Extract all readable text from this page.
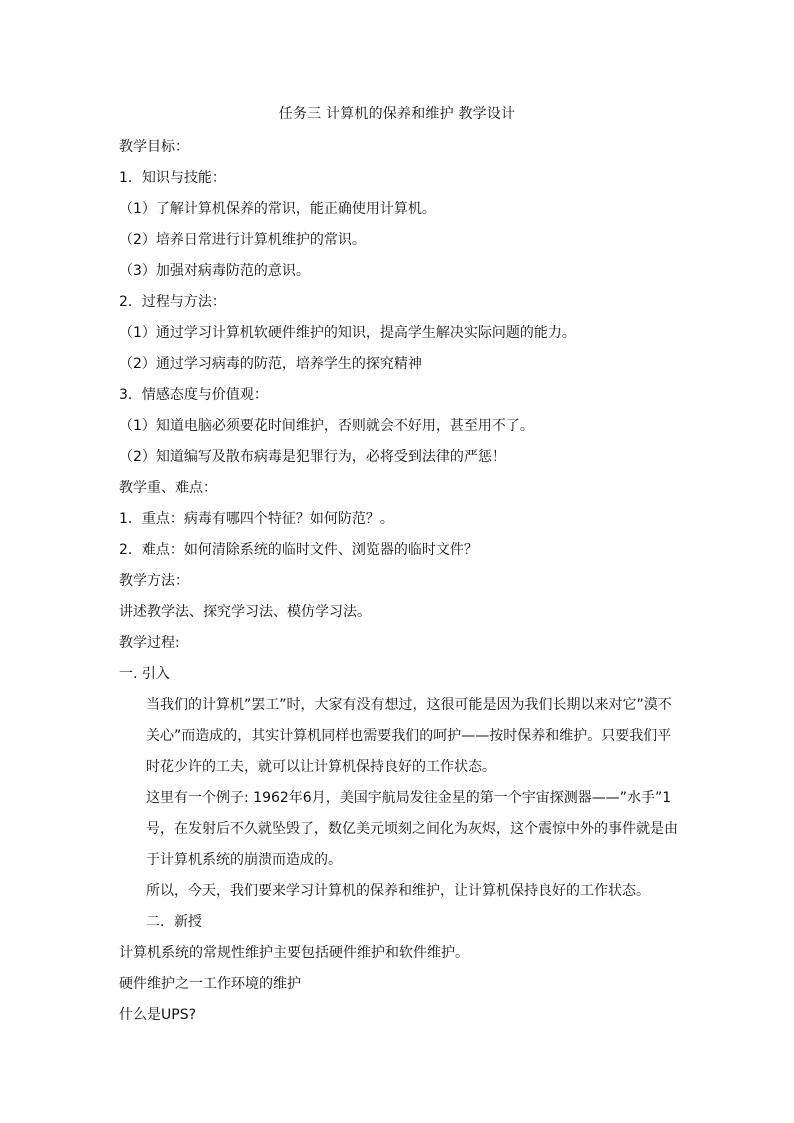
任务三 计算机的保养和维护 教学设计
教学目标：
1．知识与技能：
（1）了解计算机保养的常识，能正确使用计算机。
（2）培养日常进行计算机维护的常识。
（3）加强对病毒防范的意识。
2．过程与方法：
（1）通过学习计算机软硬件维护的知识，提高学生解决实际问题的能力。
（2）通过学习病毒的防范，培养学生的探究精神
3．情感态度与价值观：
（1）知道电脑必须要花时间维护，否则就会不好用，甚至用不了。
（2）知道编写及散布病毒是犯罪行为，必将受到法律的严惩！
教学重、难点：
1．重点：病毒有哪四个特征？如何防范？。
2．难点：如何清除系统的临时文件、浏览器的临时文件？
教学方法：
讲述教学法、探究学习法、模仿学习法。
教学过程:
一. 引入
当我们的计算机”罢工”时，大家有没有想过，这很可能是因为我们长期以来对它”漠不关心”而造成的，其实计算机同样也需要我们的呵护——按时保养和维护。只要我们平时花少许的工夫，就可以让计算机保持良好的工作状态。
这里有一个例子: 1962年6月，美国宇航局发往金星的第一个宇宙探测器——”水手”1号，在发射后不久就坠毁了，数亿美元顷刻之间化为灰烬，这个震惊中外的事件就是由于计算机系统的崩溃而造成的。
所以，今天，我们要来学习计算机的保养和维护，让计算机保持良好的工作状态。
二．新授
计算机系统的常规性维护主要包括硬件维护和软件维护。
硬件维护之一工作环境的维护
什么是UPS?
